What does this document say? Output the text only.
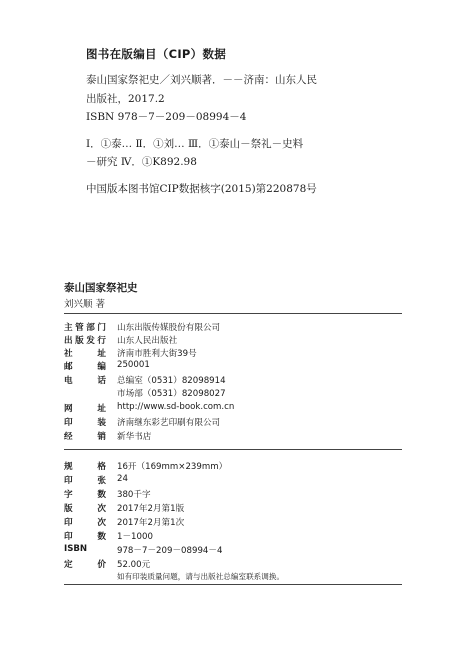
图书在版编目（CIP）数据
泰山国家祭祀史／刘兴顺著．－－济南：山东人民
出版社，2017.2
ISBN 978－7－209－08994－4
Ⅰ．①泰… Ⅱ．①刘… Ⅲ．①泰山－祭礼－史料
－研究 Ⅳ．①K892.98
中国版本图书馆CIP数据核字(2015)第220878号
泰山国家祭祀史
刘兴顺 著
主管部门 山东出版传媒股份有限公司
出版发行 山东人民出版社
社址 济南市胜利大街39号
邮编 250001
电话 总编室（0531）82098914
市场部（0531）82098027
网址 http://www.sd-book.com.cn
印装 济南继东彩艺印刷有限公司
经销 新华书店
规格 16开（169mm×239mm）
印张 24
字数 380千字
版次 2017年2月第1版
印次 2017年2月第1次
印数 1－1000
ISBN	978－7－209－08994－4
定价 52.00元
如有印装质量问题，请与出版社总编室联系调换。
